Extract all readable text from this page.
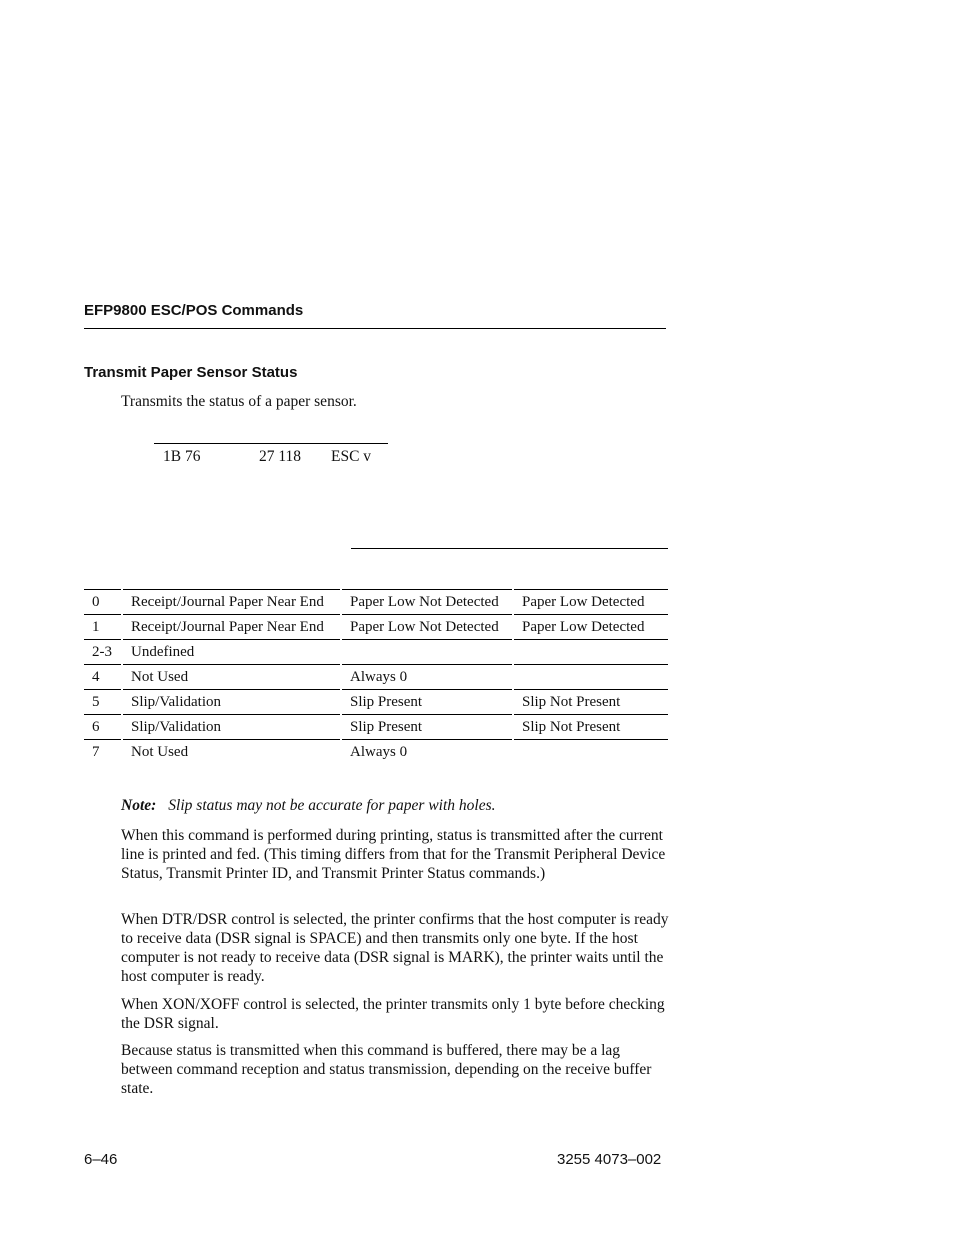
EFP9800 ESC/POS Commands
Transmit Paper Sensor Status
Transmits the status of a paper sensor.
1B 76	27 118 ESC v
0	Receipt/Journal Paper Near End	Paper Low Not Detected	Paper Low Detected
1	Receipt/Journal Paper Near End	Paper Low Not Detected	Paper Low Detected
2-3	Undefined
4	Not Used	Always 0
5	Slip/Validation	Slip Present	Slip Not Present
6	Slip/Validation	Slip Present	Slip Not Present
7	Not Used	Always 0
Note: Slip status may not be accurate for paper with holes.

When this command is performed during printing, status is transmitted after the current line is printed and fed. (This timing differs from that for the Transmit Peripheral Device Status, Transmit Printer ID, and Transmit Printer Status commands.)

When DTR/DSR control is selected, the printer confirms that the host computer is ready to receive data (DSR signal is SPACE) and then transmits only one byte. If the host computer is not ready to receive data (DSR signal is MARK), the printer waits until the host computer is ready.

When XON/XOFF control is selected, the printer transmits only 1 byte before checking the DSR signal.

Because status is transmitted when this command is buffered, there may be a lag between command reception and status transmission, depending on the receive buffer state.

6–46	3255 4073–002
